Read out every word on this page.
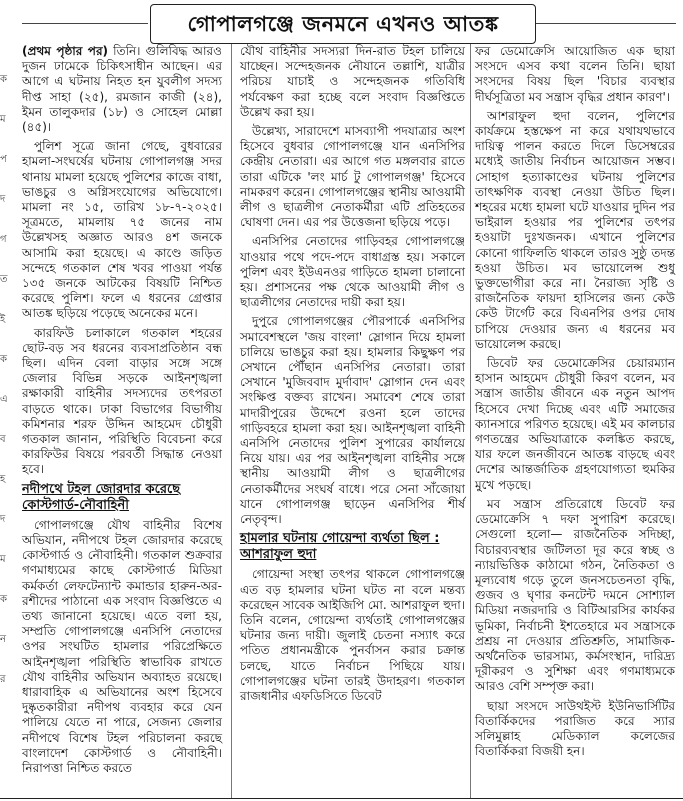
গোপালগঞ্জে জনমনে এখনও আতঙ্ক
ক
ম
প
দ
গ
ত
ই
ক
এ
ব
হ
দ
ম
ক
ন
র

(প্রথম পৃষ্ঠার পর) তিনি। গুলিবিদ্ধ আরও দুজন ঢামেকে চিকিৎসাধীন আছেন। এর আগে এ ঘটনায় নিহত হন যুবলীগ সদস্য দীপ্ত সাহা (২৫), রমজান কাজী (২৪), ইমন তালুকদার (১৮) ও সোহেল মোল্লা (৪৫)।

পুলিশ সূত্রে জানা গেছে, বুধবারের হামলা-সংঘর্ষের ঘটনায় গোপালগঞ্জ সদর থানায় মামলা হয়েছে পুলিশের কাজে বাধা, ভাঙচুর ও অগ্নিসংযোগের অভিযোগে। মামলা নং ১৫, তারিখ ১৮-৭-২০২৫। সূত্রমতে, মামলায় ৭৫ জনের নাম উল্লেখসহ অজ্ঞাত আরও ৪শ জনকে আসামি করা হয়েছে। এ কাণ্ডে জড়িত সন্দেহে গতকাল শেষ খবর পাওয়া পর্যন্ত ১৩৫ জনকে আটকের বিষয়টি নিশ্চিত করেছে পুলিশ। ফলে এ ধরনের গ্রেপ্তার আতঙ্ক ছড়িয়ে পড়েছে অনেকের মনে।

কারফিউ চলাকালে গতকাল শহরের ছোট-বড় সব ধরনের ব্যবসাপ্রতিষ্ঠান বন্ধ ছিল। এদিন বেলা বাড়ার সঙ্গে সঙ্গে জেলার বিভিন্ন সড়কে আইনশৃঙ্খলা রক্ষাকারী বাহিনীর সদস্যদের তৎপরতা বাড়তে থাকে। ঢাকা বিভাগের বিভাগীয় কমিশনার শরফ উদ্দিন আহমেদ চৌধুরী গতকাল জানান, পরিস্থিতি বিবেচনা করে কারফিউর বিষয়ে পরবর্তী সিদ্ধান্ত নেওয়া হবে।

নদীপথে টহল জোরদার করেছে
কোস্টগার্ড-নৌবাহিনী

গোপালগঞ্জে যৌথ বাহিনীর বিশেষ অভিযান, নদীপথে টহল জোরদার করেছে কোস্টগার্ড ও নৌবাহিনী। গতকাল শুক্রবার গণমাধ্যমের কাছে কোস্টগার্ড মিডিয়া কর্মকর্তা লেফটেন্যান্ট কমান্ডার হারুন-অর-রশীদের পাঠানো এক সংবাদ বিজ্ঞপ্তিতে এ তথ্য জানানো হয়েছে। এতে বলা হয়, সম্প্রতি গোপালগঞ্জে এনসিপি নেতাদের ওপর সংঘটিত হামলার পরিপ্রেক্ষিতে আইনশৃঙ্খলা পরিস্থিতি স্বাভাবিক রাখতে যৌথ বাহিনীর অভিযান অব্যাহত রয়েছে। ধারাবাহিক এ অভিযানের অংশ হিসেবে দুষ্কৃতকারীরা নদীপথ ব্যবহার করে যেন পালিয়ে যেতে না পারে, সেজন্য জেলার নদীপথে বিশেষ টহল পরিচালনা করছে বাংলাদেশ কোস্টগার্ড ও নৌবাহিনী। নিরাপত্তা নিশ্চিত করতে

যৌথ বাহিনীর সদস্যরা দিন-রাত টহল চালিয়ে যাচ্ছেন। সন্দেহজনক নৌযানে তল্লাশি, যাত্রীর পরিচয় যাচাই ও সন্দেহজনক গতিবিধি পর্যবেক্ষণ করা হচ্ছে বলে সংবাদ বিজ্ঞপ্তিতে উল্লেখ করা হয়।

উল্লেখ্য, সারাদেশে মাসব্যাপী পদযাত্রার অংশ হিসেবে বুধবার গোপালগঞ্জে যান এনসিপির কেন্দ্রীয় নেতারা। এর আগে গত মঙ্গলবার রাতে তারা এটিকে 'লং মার্চ টু গোপালগঞ্জ' হিসেবে নামকরণ করেন। গোপালগঞ্জের স্থানীয় আওয়ামী লীগ ও ছাত্রলীগ নেতাকর্মীরা এটি প্রতিহতের ঘোষণা দেন। এর পর উত্তেজনা ছড়িয়ে পড়ে।

এনসিপির নেতাদের গাড়িবহর গোপালগঞ্জে যাওয়ার পথে পদে-পদে বাধাগ্রস্ত হয়। সকালে পুলিশ এবং ইউএনওর গাড়িতে হামলা চালানো হয়। প্রশাসনের পক্ষ থেকে আওয়ামী লীগ ও ছাত্রলীগের নেতাদের দায়ী করা হয়।

দুপুরে গোপালগঞ্জের পৌরপার্কে এনসিপির সমাবেশস্থলে 'জয় বাংলা' স্লোগান দিয়ে হামলা চালিয়ে ভাঙচুর করা হয়। হামলার কিছুক্ষণ পর সেখানে পৌঁছান এনসিপির নেতারা। তারা সেখানে 'মুজিববাদ মুর্দাবাদ' স্লোগান দেন এবং সংক্ষিপ্ত বক্তব্য রাখেন। সমাবেশ শেষে তারা মাদারীপুরের উদ্দেশে রওনা হলে তাদের গাড়িবহরে হামলা করা হয়। আইনশৃঙ্খলা বাহিনী এনসিপি নেতাদের পুলিশ সুপারের কার্যালয়ে নিয়ে যায়। এর পর আইনশৃঙ্খলা বাহিনীর সঙ্গে স্থানীয় আওয়ামী লীগ ও ছাত্রলীগের নেতাকর্মীদের সংঘর্ষ বাধে। পরে সেনা সাঁজোয়া যানে গোপালগঞ্জ ছাড়েন এনসিপির শীর্ষ নেতৃবৃন্দ।

হামলার ঘটনায় গোয়েন্দা ব্যর্থতা ছিল :
আশরাফুল হুদা

গোয়েন্দা সংস্থা তৎপর থাকলে গোপালগঞ্জে এত বড় হামলার ঘটনা ঘটত না বলে মন্তব্য করেছেন সাবেক আইজিপি মো. আশরাফুল হুদা। তিনি বলেন, গোয়েন্দা ব্যর্থতাই গোপালগঞ্জের ঘটনার জন্য দায়ী। জুলাই চেতনা নস্যাৎ করে পতিত প্রধানমন্ত্রীকে পুনর্বাসন করার চক্রান্ত চলছে, যাতে নির্বাচন পিছিয়ে যায়। গোপালগঞ্জের ঘটনা তারই উদাহরণ। গতকাল রাজধানীর এফডিসিতে ডিবেট

ফর ডেমোক্রেসি আয়োজিত এক ছায়া সংসদে এসব কথা বলেন তিনি। ছায়া সংসদের বিষয় ছিল 'বিচার ব্যবস্থার দীর্ঘসূত্রিতা মব সন্ত্রাস বৃদ্ধির প্রধান কারণ'।

আশরাফুল হুদা বলেন, পুলিশের কার্যক্রমে হস্তক্ষেপ না করে যথাযথভাবে দায়িত্ব পালন করতে দিলে ডিসেম্বরের মধ্যেই জাতীয় নির্বাচন আয়োজন সম্ভব। সোহাগ হত্যাকাণ্ডের ঘটনায় পুলিশের তাৎক্ষণিক ব্যবস্থা নেওয়া উচিত ছিল। শহরের মধ্যে হামলা ঘটে যাওয়ার দুদিন পর ভাইরাল হওয়ার পর পুলিশের তৎপর হওয়াটা দুঃখজনক। এখানে পুলিশের কোনো গাফিলতি থাকলে তারও সুষ্ঠু তদন্ত হওয়া উচিত। মব ভায়োলেন্স শুধু ভুক্তভোগীরা করে না। নৈরাজ্য সৃষ্টি ও রাজনৈতিক ফায়দা হাসিলের জন্য কেউ কেউ টার্গেট করে বিএনপির ওপর দোষ চাপিয়ে দেওয়ার জন্য এ ধরনের মব ভায়োলেন্স করছে।

ডিবেট ফর ডেমোক্রেসির চেয়ারম্যান হাসান আহমেদ চৌধুরী কিরণ বলেন, মব সন্ত্রাস জাতীয় জীবনে এক নতুন আপদ হিসেবে দেখা দিচ্ছে এবং এটি সমাজের ক্যানসারে পরিণত হয়েছে। এই মব কালচার গণতন্ত্রের অভিযাত্রাকে কলঙ্কিত করছে, যার ফলে জনজীবনে আতঙ্ক বাড়ছে এবং দেশের আন্তর্জাতিক গ্রহণযোগ্যতা হুমকির মুখে পড়ছে।

মব সন্ত্রাস প্রতিরোধে ডিবেট ফর ডেমোক্রেসি ৭ দফা সুপারিশ করেছে। সেগুলো হলো— রাজনৈতিক সদিচ্ছা, বিচারব্যবস্থার জটিলতা দূর করে স্বচ্ছ ও ন্যায়ভিত্তিক কাঠামো গঠন, নৈতিকতা ও মূল্যবোধ গড়ে তুলে জনসচেতনতা বৃদ্ধি, গুজব ও ঘৃণার কনটেন্ট দমনে সোশ্যাল মিডিয়া নজরদারি ও বিটিআরসির কার্যকর ভূমিকা, নির্বাচনী ইশতেহারে মব সন্ত্রাসকে প্রশ্রয় না দেওয়ার প্রতিশ্রুতি, সামাজিক-অর্থনৈতিক ভারসাম্য, কর্মসংস্থান, দারিদ্র্য দূরীকরণ ও সুশিক্ষা এবং গণমাধ্যমকে আরও বেশি সম্পৃক্ত করা।

ছায়া সংসদে সাউথইস্ট ইউনিভার্সিটির বিতার্কিকদের পরাজিত করে স্যার সলিমুল্লাহ মেডিক্যাল কলেজের বিতার্কিকরা বিজয়ী হন।
